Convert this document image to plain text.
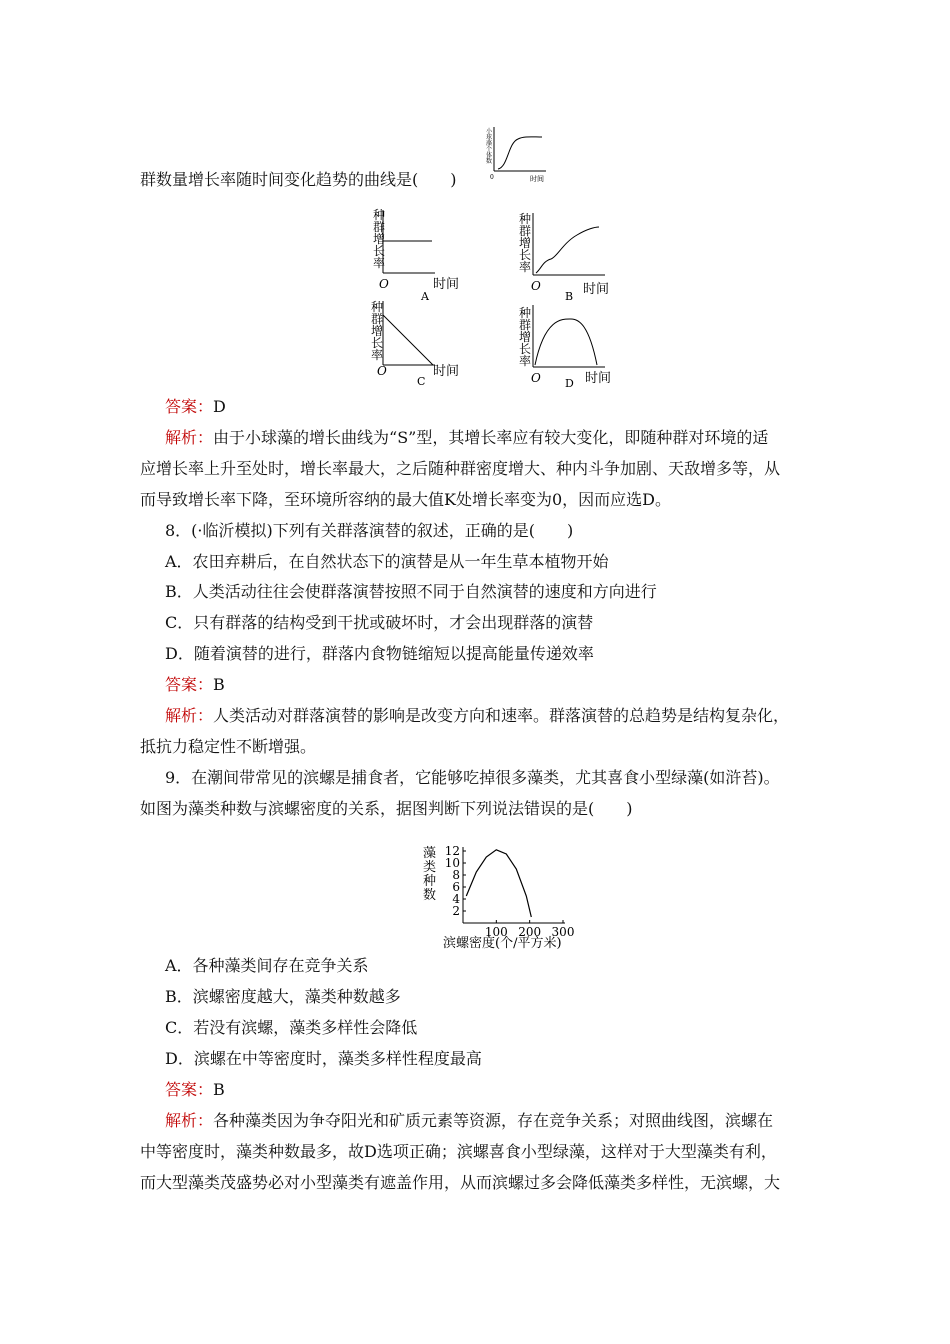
小
球
藻
个
体
数
0	时间
群数量增长率随时间变化趋势的曲线是(　　)
种
群
增
长
率
O	时间
A
种
群
增
长
率
O
B 时间
种
群
增
长
率
O
C
时间
种
群
增
长
率
O D 时间
答案：D
解析：由于小球藻的增长曲线为“S”型，其增长率应有较大变化，即随种群对环境的适
应增长率上升至处时，增长率最大，之后随种群密度增大、种内斗争加剧、天敌增多等，从
而导致增长率下降，至环境所容纳的最大值K处增长率变为0，因而应选D。
8．(·临沂模拟)下列有关群落演替的叙述，正确的是(　　)
A．农田弃耕后，在自然状态下的演替是从一年生草本植物开始
B．人类活动往往会使群落演替按照不同于自然演替的速度和方向进行
C．只有群落的结构受到干扰或破坏时，才会出现群落的演替
D．随着演替的进行，群落内食物链缩短以提高能量传递效率
答案：B
解析：人类活动对群落演替的影响是改变方向和速率。群落演替的总趋势是结构复杂化，
抵抗力稳定性不断增强。
9．在潮间带常见的滨螺是捕食者，它能够吃掉很多藻类，尤其喜食小型绿藻(如浒苔)。
如图为藻类种数与滨螺密度的关系，据图判断下列说法错误的是(　　)
藻
类
种
数
2
4
6
8
10
12
100 200 300
滨螺密度(个/平方米)
A．各种藻类间存在竞争关系
B．滨螺密度越大，藻类种数越多
C．若没有滨螺，藻类多样性会降低
D．滨螺在中等密度时，藻类多样性程度最高
答案：B
解析：各种藻类因为争夺阳光和矿质元素等资源，存在竞争关系；对照曲线图，滨螺在
中等密度时，藻类种数最多，故D选项正确；滨螺喜食小型绿藻，这样对于大型藻类有利，
而大型藻类茂盛势必对小型藻类有遮盖作用，从而滨螺过多会降低藻类多样性，无滨螺，大
